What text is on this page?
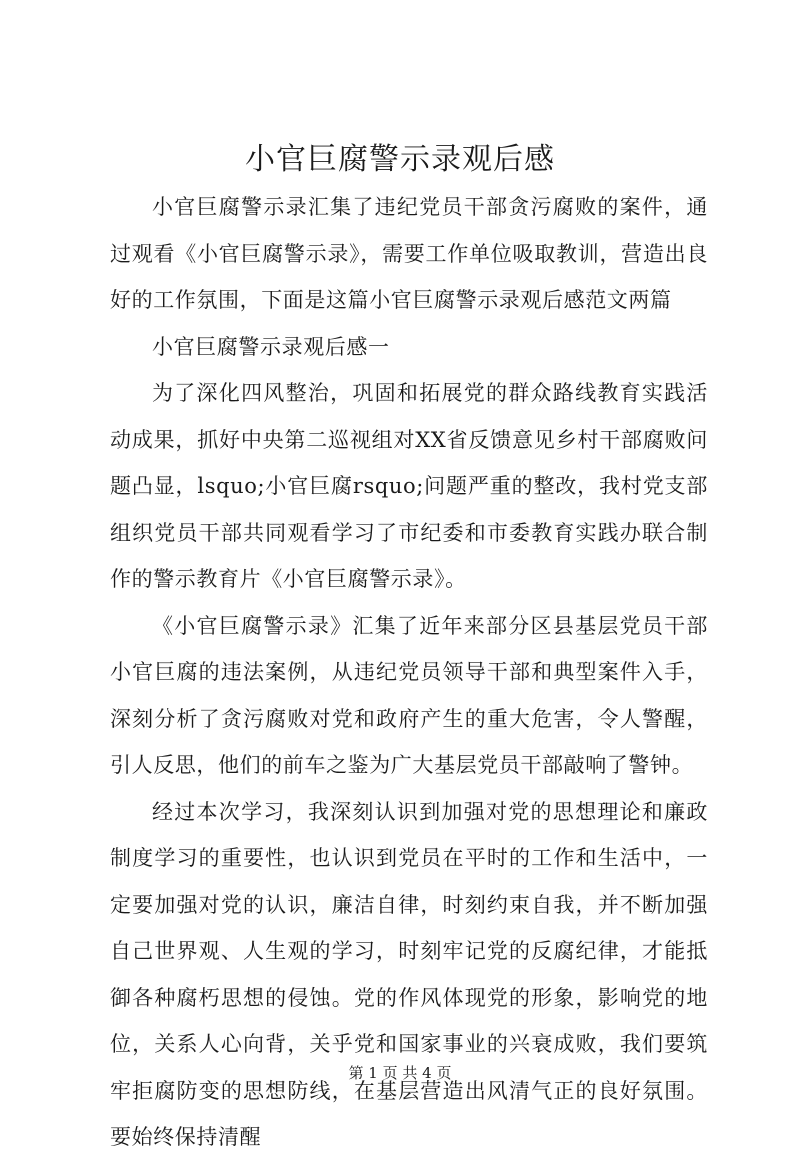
小官巨腐警示录观后感

小官巨腐警示录汇集了违纪党员干部贪污腐败的案件，通过观看《小官巨腐警示录》，需要工作单位吸取教训，营造出良好的工作氛围，下面是这篇小官巨腐警示录观后感范文两篇

小官巨腐警示录观后感一

为了深化四风整治，巩固和拓展党的群众路线教育实践活动成果，抓好中央第二巡视组对XX省反馈意见乡村干部腐败问题凸显，lsquo;小官巨腐rsquo;问题严重的整改，我村党支部组织党员干部共同观看学习了市纪委和市委教育实践办联合制作的警示教育片《小官巨腐警示录》。

《小官巨腐警示录》汇集了近年来部分区县基层党员干部小官巨腐的违法案例，从违纪党员领导干部和典型案件入手，深刻分析了贪污腐败对党和政府产生的重大危害，令人警醒，引人反思，他们的前车之鉴为广大基层党员干部敲响了警钟。

经过本次学习，我深刻认识到加强对党的思想理论和廉政制度学习的重要性，也认识到党员在平时的工作和生活中，一定要加强对党的认识，廉洁自律，时刻约束自我，并不断加强自己世界观、人生观的学习，时刻牢记党的反腐纪律，才能抵御各种腐朽思想的侵蚀。党的作风体现党的形象，影响党的地位，关系人心向背，关乎党和国家事业的兴衰成败，我们要筑牢拒腐防变的思想防线，在基层营造出风清气正的良好氛围。要始终保持清醒

第 1 页 共 4 页
